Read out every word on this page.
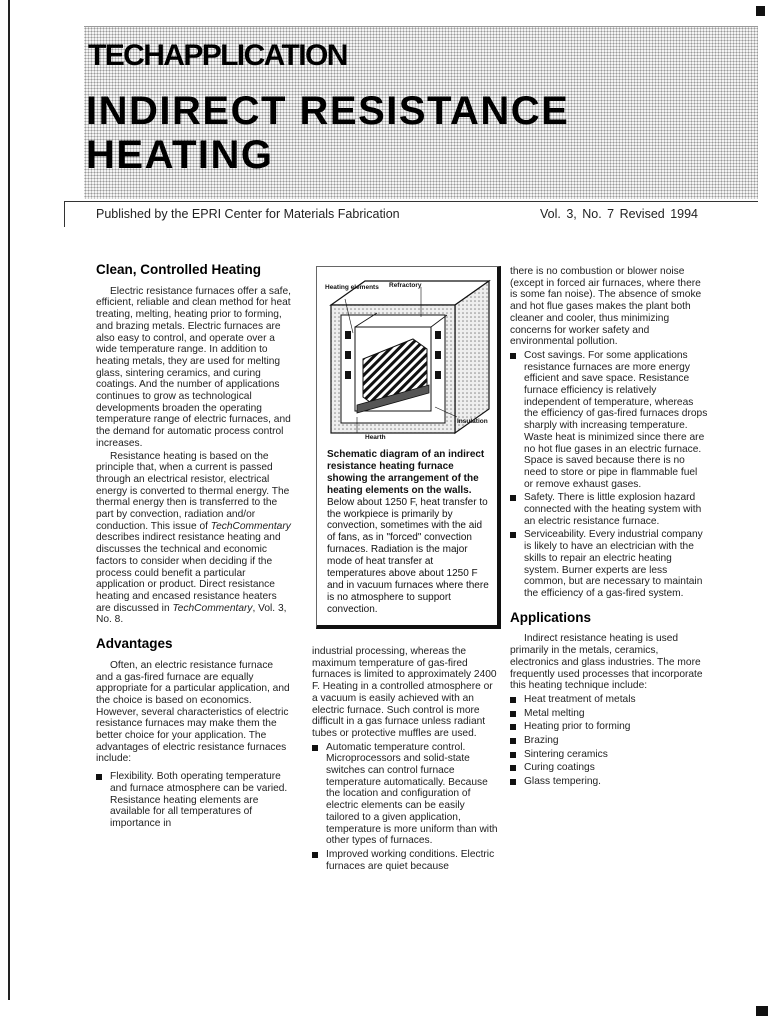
TECHAPPLICATION
INDIRECT RESISTANCE
HEATING
Published by the EPRI Center for Materials Fabrication	Vol. 3, No. 7 Revised 1994
Clean, Controlled Heating

Electric resistance furnaces offer a safe, efficient, reliable and clean method for heat treating, melting, heating prior to forming, and brazing metals. Electric furnaces are also easy to control, and operate over a wide temperature range. In addition to heating metals, they are used for melting glass, sintering ceramics, and curing coatings. And the number of applications continues to grow as technological developments broaden the operating temperature range of electric furnaces, and the demand for automatic process control increases.

Resistance heating is based on the principle that, when a current is passed through an electrical resistor, electrical energy is converted to thermal energy. The thermal energy then is transferred to the part by convection, radiation and/or conduction. This issue of TechCommentary describes indirect resistance heating and discusses the technical and economic factors to consider when deciding if the process could benefit a particular application or product. Direct resistance heating and encased resistance heaters are discussed in TechCommentary, Vol. 3, No. 8.

Advantages

Often, an electric resistance furnace and a gas-fired furnace are equally appropriate for a particular application, and the choice is based on economics. However, several characteristics of electric resistance furnaces may make them the better choice for your application. The advantages of electric resistance furnaces include:

Flexibility. Both operating temperature and furnace atmosphere can be varied. Resistance heating elements are available for all temperatures of importance in
Heating elements Refractory
Insulation
Hearth
Schematic diagram of an indirect resistance heating furnace showing the arrangement of the heating elements on the walls.
Below about 1250 F, heat transfer to the workpiece is primarily by convection, sometimes with the aid of fans, as in "forced" convection furnaces. Radiation is the major mode of heat transfer at temperatures above about 1250 F and in vacuum furnaces where there is no atmosphere to support convection.

industrial processing, whereas the maximum temperature of gas-fired furnaces is limited to approximately 2400 F. Heating in a controlled atmosphere or a vacuum is easily achieved with an electric furnace. Such control is more difficult in a gas furnace unless radiant tubes or protective muffles are used.

Automatic temperature control. Microprocessors and solid-state switches can control furnace temperature automatically. Because the location and configuration of electric elements can be easily tailored to a given application, temperature is more uniform than with other types of furnaces.
Improved working conditions. Electric furnaces are quiet because

there is no combustion or blower noise (except in forced air furnaces, where there is some fan noise). The absence of smoke and hot flue gases makes the plant both cleaner and cooler, thus minimizing concerns for worker safety and environmental pollution.

Cost savings. For some applications resistance furnaces are more energy efficient and save space. Resistance furnace efficiency is relatively independent of temperature, whereas the efficiency of gas-fired furnaces drops sharply with increasing temperature. Waste heat is minimized since there are no hot flue gases in an electric furnace. Space is saved because there is no need to store or pipe in flammable fuel or remove exhaust gases.
Safety. There is little explosion hazard connected with the heating system with an electric resistance furnace.
Serviceability. Every industrial company is likely to have an electrician with the skills to repair an electric heating system. Burner experts are less common, but are necessary to maintain the efficiency of a gas-fired system.
Applications

Indirect resistance heating is used primarily in the metals, ceramics, electronics and glass industries. The more frequently used processes that incorporate this heating technique include:

Heat treatment of metals
Metal melting
Heating prior to forming
Brazing
Sintering ceramics
Curing coatings
Glass tempering.
